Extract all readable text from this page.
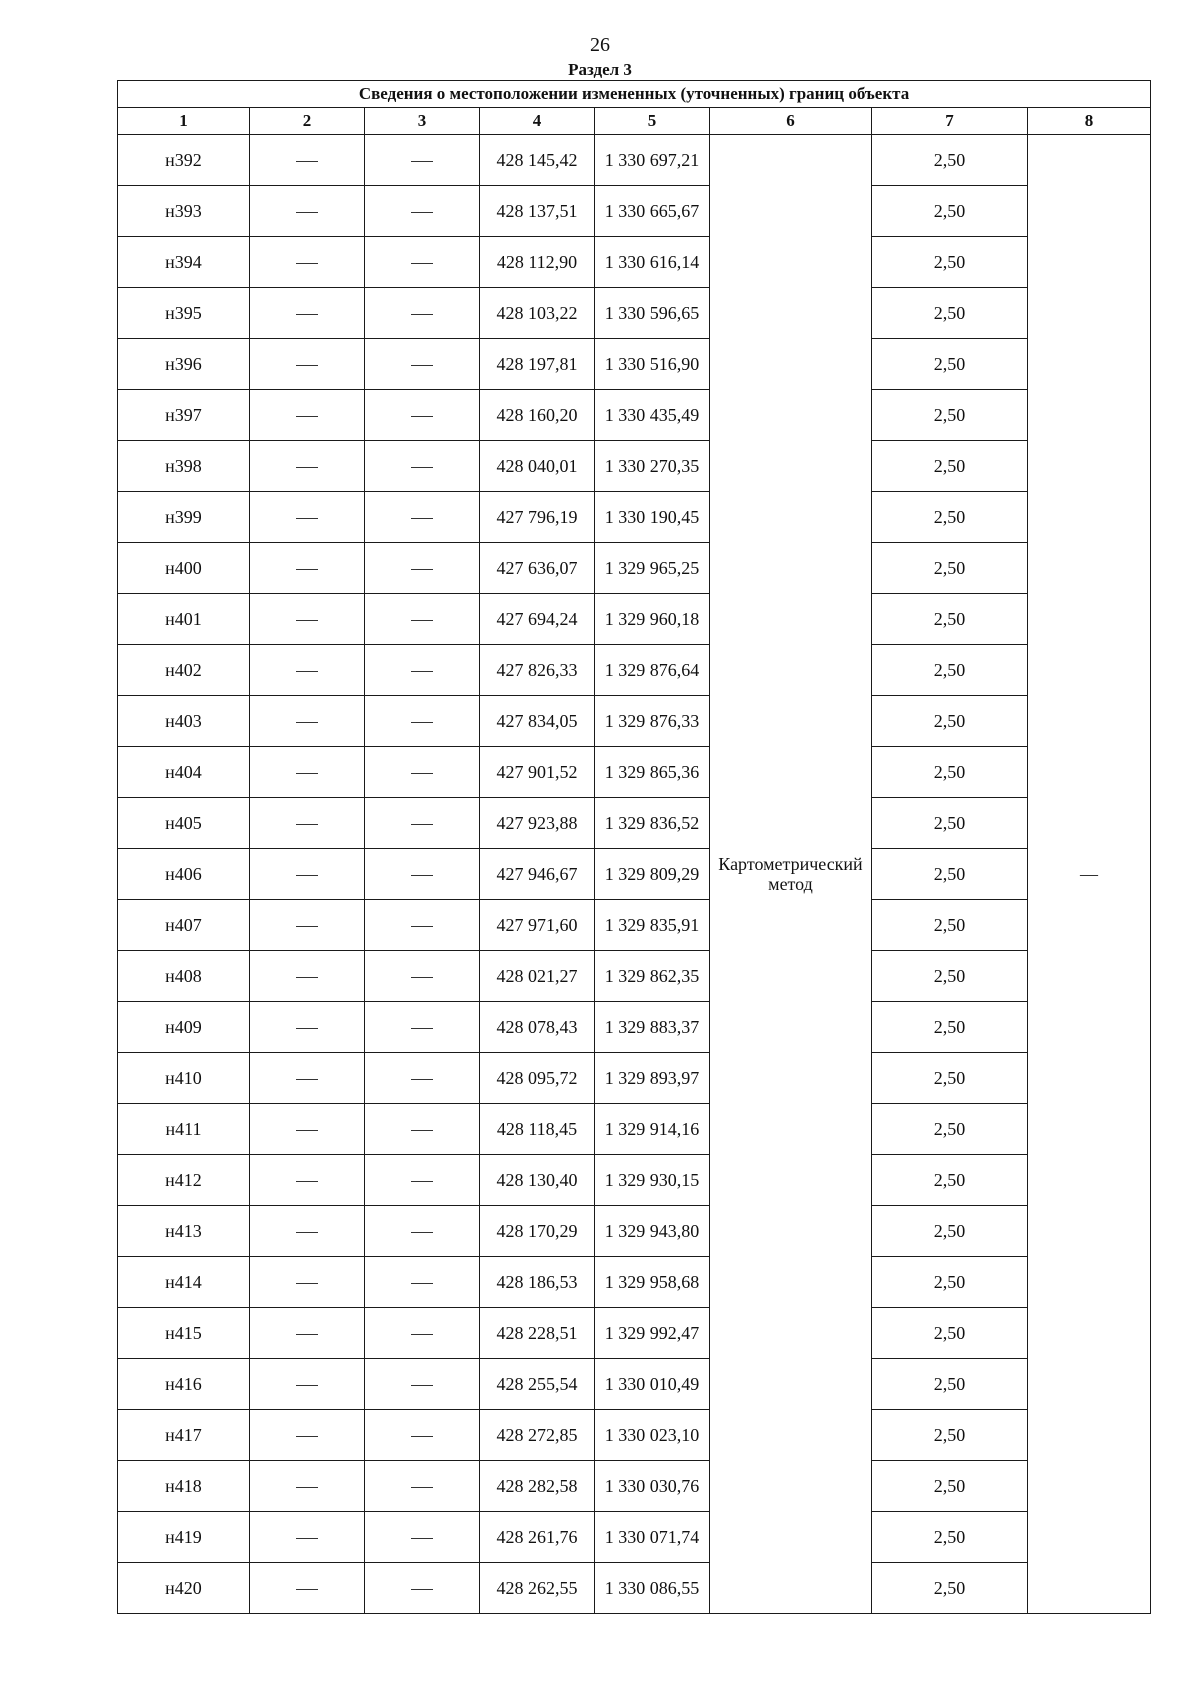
26
Раздел 3
Сведения о местоположении измененных (уточненных) границ объекта							
1	2	3	4	5	6	7	8
н392			428 145,42	1 330 697,21	Картометрический метод	2,50	—
н393			428 137,51	1 330 665,67		2,50	
н394			428 112,90	1 330 616,14		2,50	
н395			428 103,22	1 330 596,65		2,50	
н396			428 197,81	1 330 516,90		2,50	
н397			428 160,20	1 330 435,49		2,50	
н398			428 040,01	1 330 270,35		2,50	
н399			427 796,19	1 330 190,45		2,50	
н400			427 636,07	1 329 965,25		2,50	
н401			427 694,24	1 329 960,18		2,50	
н402			427 826,33	1 329 876,64		2,50	
н403			427 834,05	1 329 876,33		2,50	
н404			427 901,52	1 329 865,36		2,50	
н405			427 923,88	1 329 836,52		2,50	
н406			427 946,67	1 329 809,29		2,50	
н407			427 971,60	1 329 835,91		2,50	
н408			428 021,27	1 329 862,35		2,50	
н409			428 078,43	1 329 883,37		2,50	
н410			428 095,72	1 329 893,97		2,50	
н411			428 118,45	1 329 914,16		2,50	
н412			428 130,40	1 329 930,15		2,50	
н413			428 170,29	1 329 943,80		2,50	
н414			428 186,53	1 329 958,68		2,50	
н415			428 228,51	1 329 992,47		2,50	
н416			428 255,54	1 330 010,49		2,50	
н417			428 272,85	1 330 023,10		2,50	
н418			428 282,58	1 330 030,76		2,50	
н419			428 261,76	1 330 071,74		2,50	
н420			428 262,55	1 330 086,55		2,50	
